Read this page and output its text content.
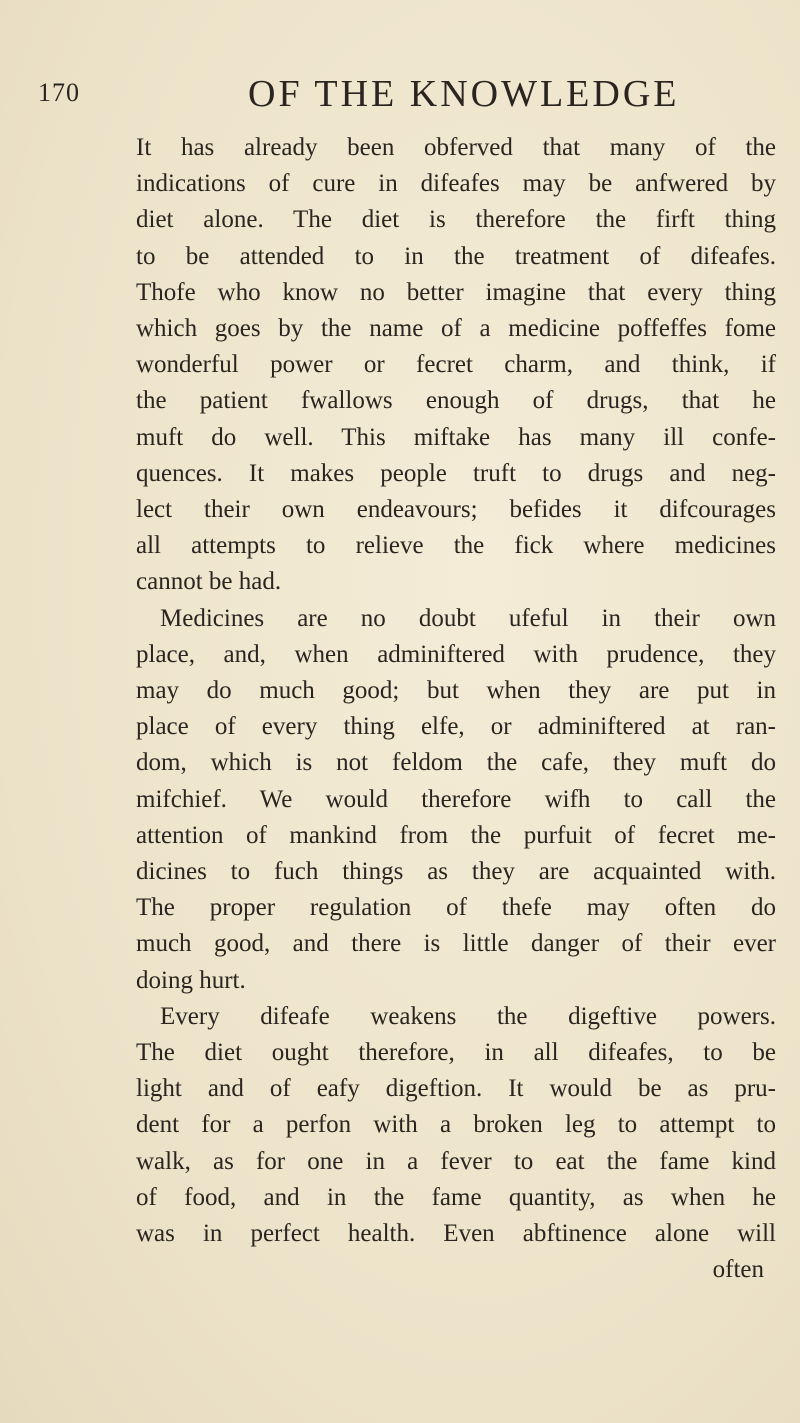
170	OF THE KNOWLEDGE
It has already been obferved that many of the
indications of cure in difeafes may be anfwered by
diet alone. The diet is therefore the firft thing
to be attended to in the treatment of difeafes.
Thofe who know no better imagine that every thing
which goes by the name of a medicine poffeffes fome
wonderful power or fecret charm, and think, if
the patient fwallows enough of drugs, that he
muft do well. This miftake has many ill confe-
quences. It makes people truft to drugs and neg-
lect their own endeavours; befides it difcourages
all attempts to relieve the fick where medicines
cannot be had.
Medicines are no doubt ufeful in their own
place, and, when adminiftered with prudence, they
may do much good; but when they are put in
place of every thing elfe, or adminiftered at ran-
dom, which is not feldom the cafe, they muft do
mifchief. We would therefore wifh to call the
attention of mankind from the purfuit of fecret me-
dicines to fuch things as they are acquainted with.
The proper regulation of thefe may often do
much good, and there is little danger of their ever
doing hurt.
Every difeafe weakens the digeftive powers.
The diet ought therefore, in all difeafes, to be
light and of eafy digeftion. It would be as pru-
dent for a perfon with a broken leg to attempt to
walk, as for one in a fever to eat the fame kind
of food, and in the fame quantity, as when he
was in perfect health. Even abftinence alone will
often
